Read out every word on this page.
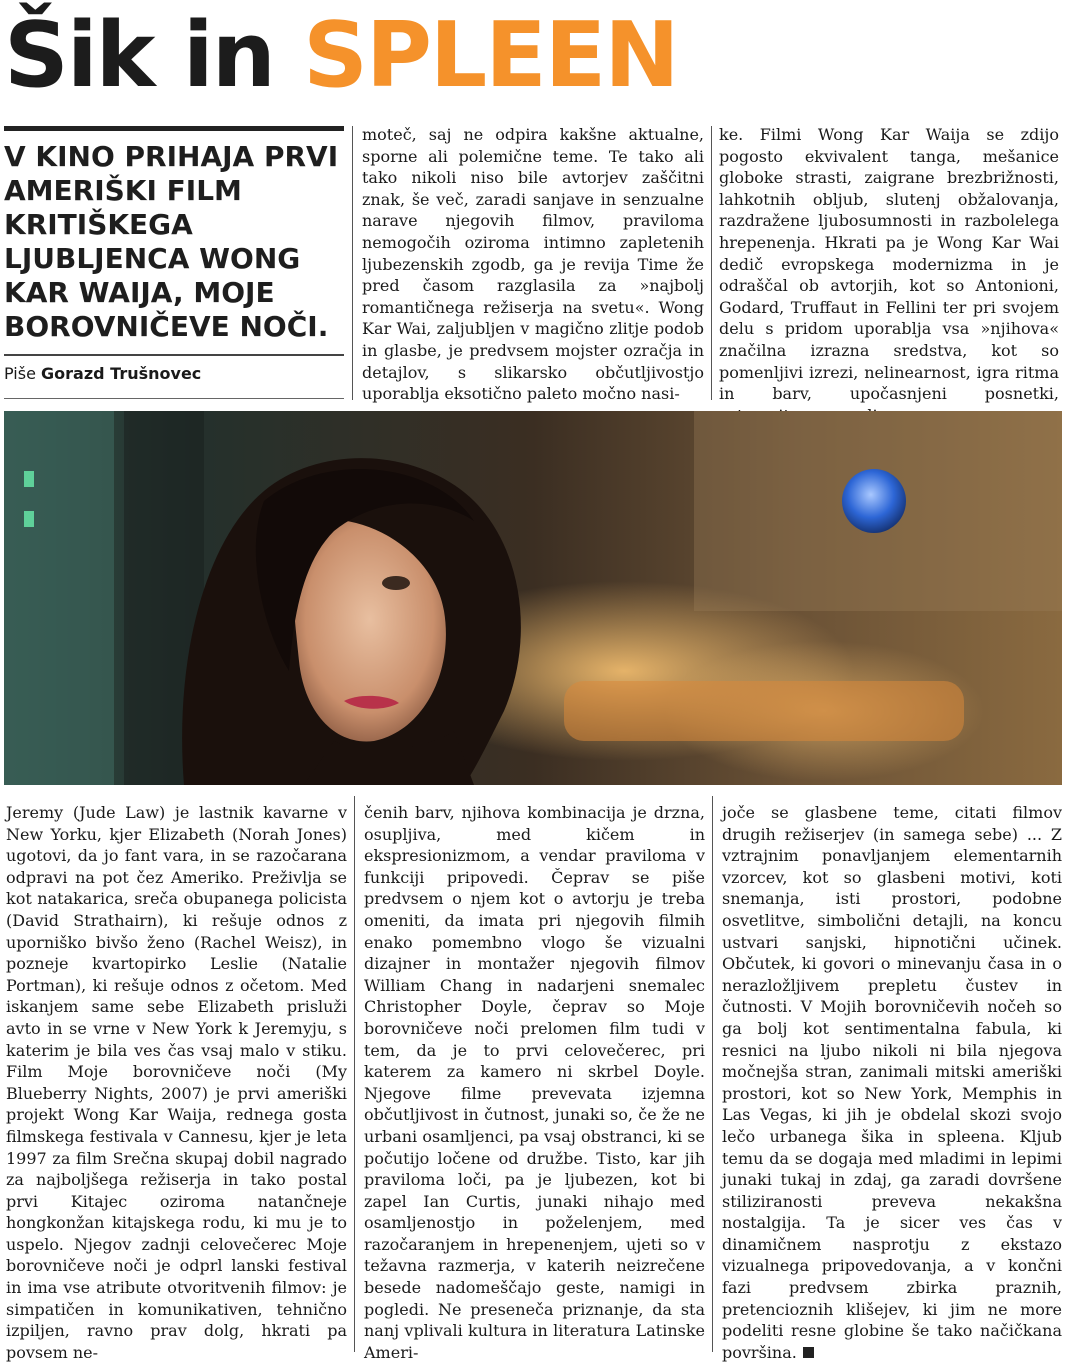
Šik in SPLEEN

V KINO PRIHAJA PRVI AMERIŠKI FILM KRITIŠKEGA LJUBLJENCA WONG KAR WAIJA, MOJE BOROVNIČEVE NOČI.

Piše Gorazd Trušnovec

moteč, saj ne odpira kakšne aktualne, sporne ali polemične teme. Te tako ali tako nikoli niso bile avtorjev zaščitni znak, še več, zaradi sanjave in senzualne narave njegovih filmov, praviloma nemogočih oziroma intimno zapletenih ljubezenskih zgodb, ga je revija Time že pred časom razglasila za »najbolj romantičnega režiserja na svetu«. Wong Kar Wai, zaljubljen v magično zlitje podob in glasbe, je predvsem mojster ozračja in detajlov, s slikarsko občutljivostjo uporablja eksotično paleto močno nasi-

ke. Filmi Wong Kar Waija se zdijo pogosto ekvivalent tanga, mešanice globoke strasti, zaigrane brezbrižnosti, lahkotnih obljub, slutenj obžalovanja, razdražene ljubosumnosti in razbolelega hrepenenja. Hkrati pa je Wong Kar Wai dedič evropskega modernizma in je odraščal ob avtorjih, kot so Antonioni, Godard, Truffaut in Fellini ter pri svojem delu s pridom uporablja vsa »njihova« značilna izrazna sredstva, kot so pomenljivi izrezi, nelinearnost, igra ritma in barv, upočasnjeni posnetki,

Jeremy (Jude Law) je lastnik kavarne v New Yorku, kjer Elizabeth (Norah Jones) ugotovi, da jo fant vara, in se razočarana odpravi na pot čez Ameriko. Preživlja se kot natakarica, sreča obupanega policista (David Strathairn), ki rešuje odnos z uporniško bivšo ženo (Rachel Weisz), in pozneje kvartopirko Leslie (Natalie Portman), ki rešuje odnos z očetom. Med iskanjem same sebe Elizabeth prisluži avto in se vrne v New York k Jeremyju, s katerim je bila ves čas vsaj malo v stiku. Film Moje borovničeve noči (My Blueberry Nights, 2007) je prvi ameriški projekt Wong Kar Waija, rednega gosta filmskega festivala v Cannesu, kjer je leta 1997 za film Srečna skupaj dobil nagrado za najboljšega režiserja in tako postal prvi Kitajec oziroma natančneje hongkonžan kitajskega rodu, ki mu je to uspelo. Njegov zadnji celovečerec Moje borovničeve noči je odprl lanski festival in ima vse atribute otvoritvenih filmov: je simpatičen in komunikativen, tehnično izpiljen, ravno prav dolg, hkrati pa povsem ne-

čenih barv, njihova kombinacija je drzna, osupljiva, med kičem in ekspresionizmom, a vendar praviloma v funkciji pripovedi. Čeprav se piše predvsem o njem kot o avtorju je treba omeniti, da imata pri njegovih filmih enako pomembno vlogo še vizualni dizajner in montažer njegovih filmov William Chang in nadarjeni snemalec Christopher Doyle, čeprav so Moje borovničeve noči prelomen film tudi v tem, da je to prvi celovečerec, pri katerem za kamero ni skrbel Doyle. Njegove filme prevevata izjemna občutljivost in čutnost, junaki so, če že ne urbani osamljenci, pa vsaj obstranci, ki se počutijo ločene od družbe. Tisto, kar jih praviloma loči, pa je ljubezen, kot bi zapel Ian Curtis, junaki nihajo med osamljenostjo in poželenjem, med razočaranjem in hrepenenjem, ujeti so v težavna razmerja, v katerih neizrečene besede nadomeščajo geste, namigi in pogledi. Ne preseneča priznanje, da sta nanj vplivali kultura in literatura Latinske Ameri-

joče se glasbene teme, citati filmov drugih režiserjev (in samega sebe) ... Z vztrajnim ponavljanjem elementarnih vzorcev, kot so glasbeni motivi, koti snemanja, isti prostori, podobne osvetlitve, simbolični detajli, na koncu ustvari sanjski, hipnotični učinek. Občutek, ki govori o minevanju časa in o nerazložljivem prepletu čustev in čutnosti. V Mojih borovničevih nočeh so ga bolj kot sentimentalna fabula, ki resnici na ljubo nikoli ni bila njegova močnejša stran, zanimali mitski ameriški prostori, kot so New York, Memphis in Las Vegas, ki jih je obdelal skozi svojo lečo urbanega šika in spleena. Kljub temu da se dogaja med mladimi in lepimi junaki tukaj in zdaj, ga zaradi dovršene stiliziranosti preveva nekakšna nostalgija. Ta je sicer ves čas v dinamičnem nasprotju z ekstazo vizualnega pripovedovanja, a v končni fazi predvsem zbirka praznih, pretencioznih klišejev, ki jim ne more podeliti resne globine še tako načičkana površina.
